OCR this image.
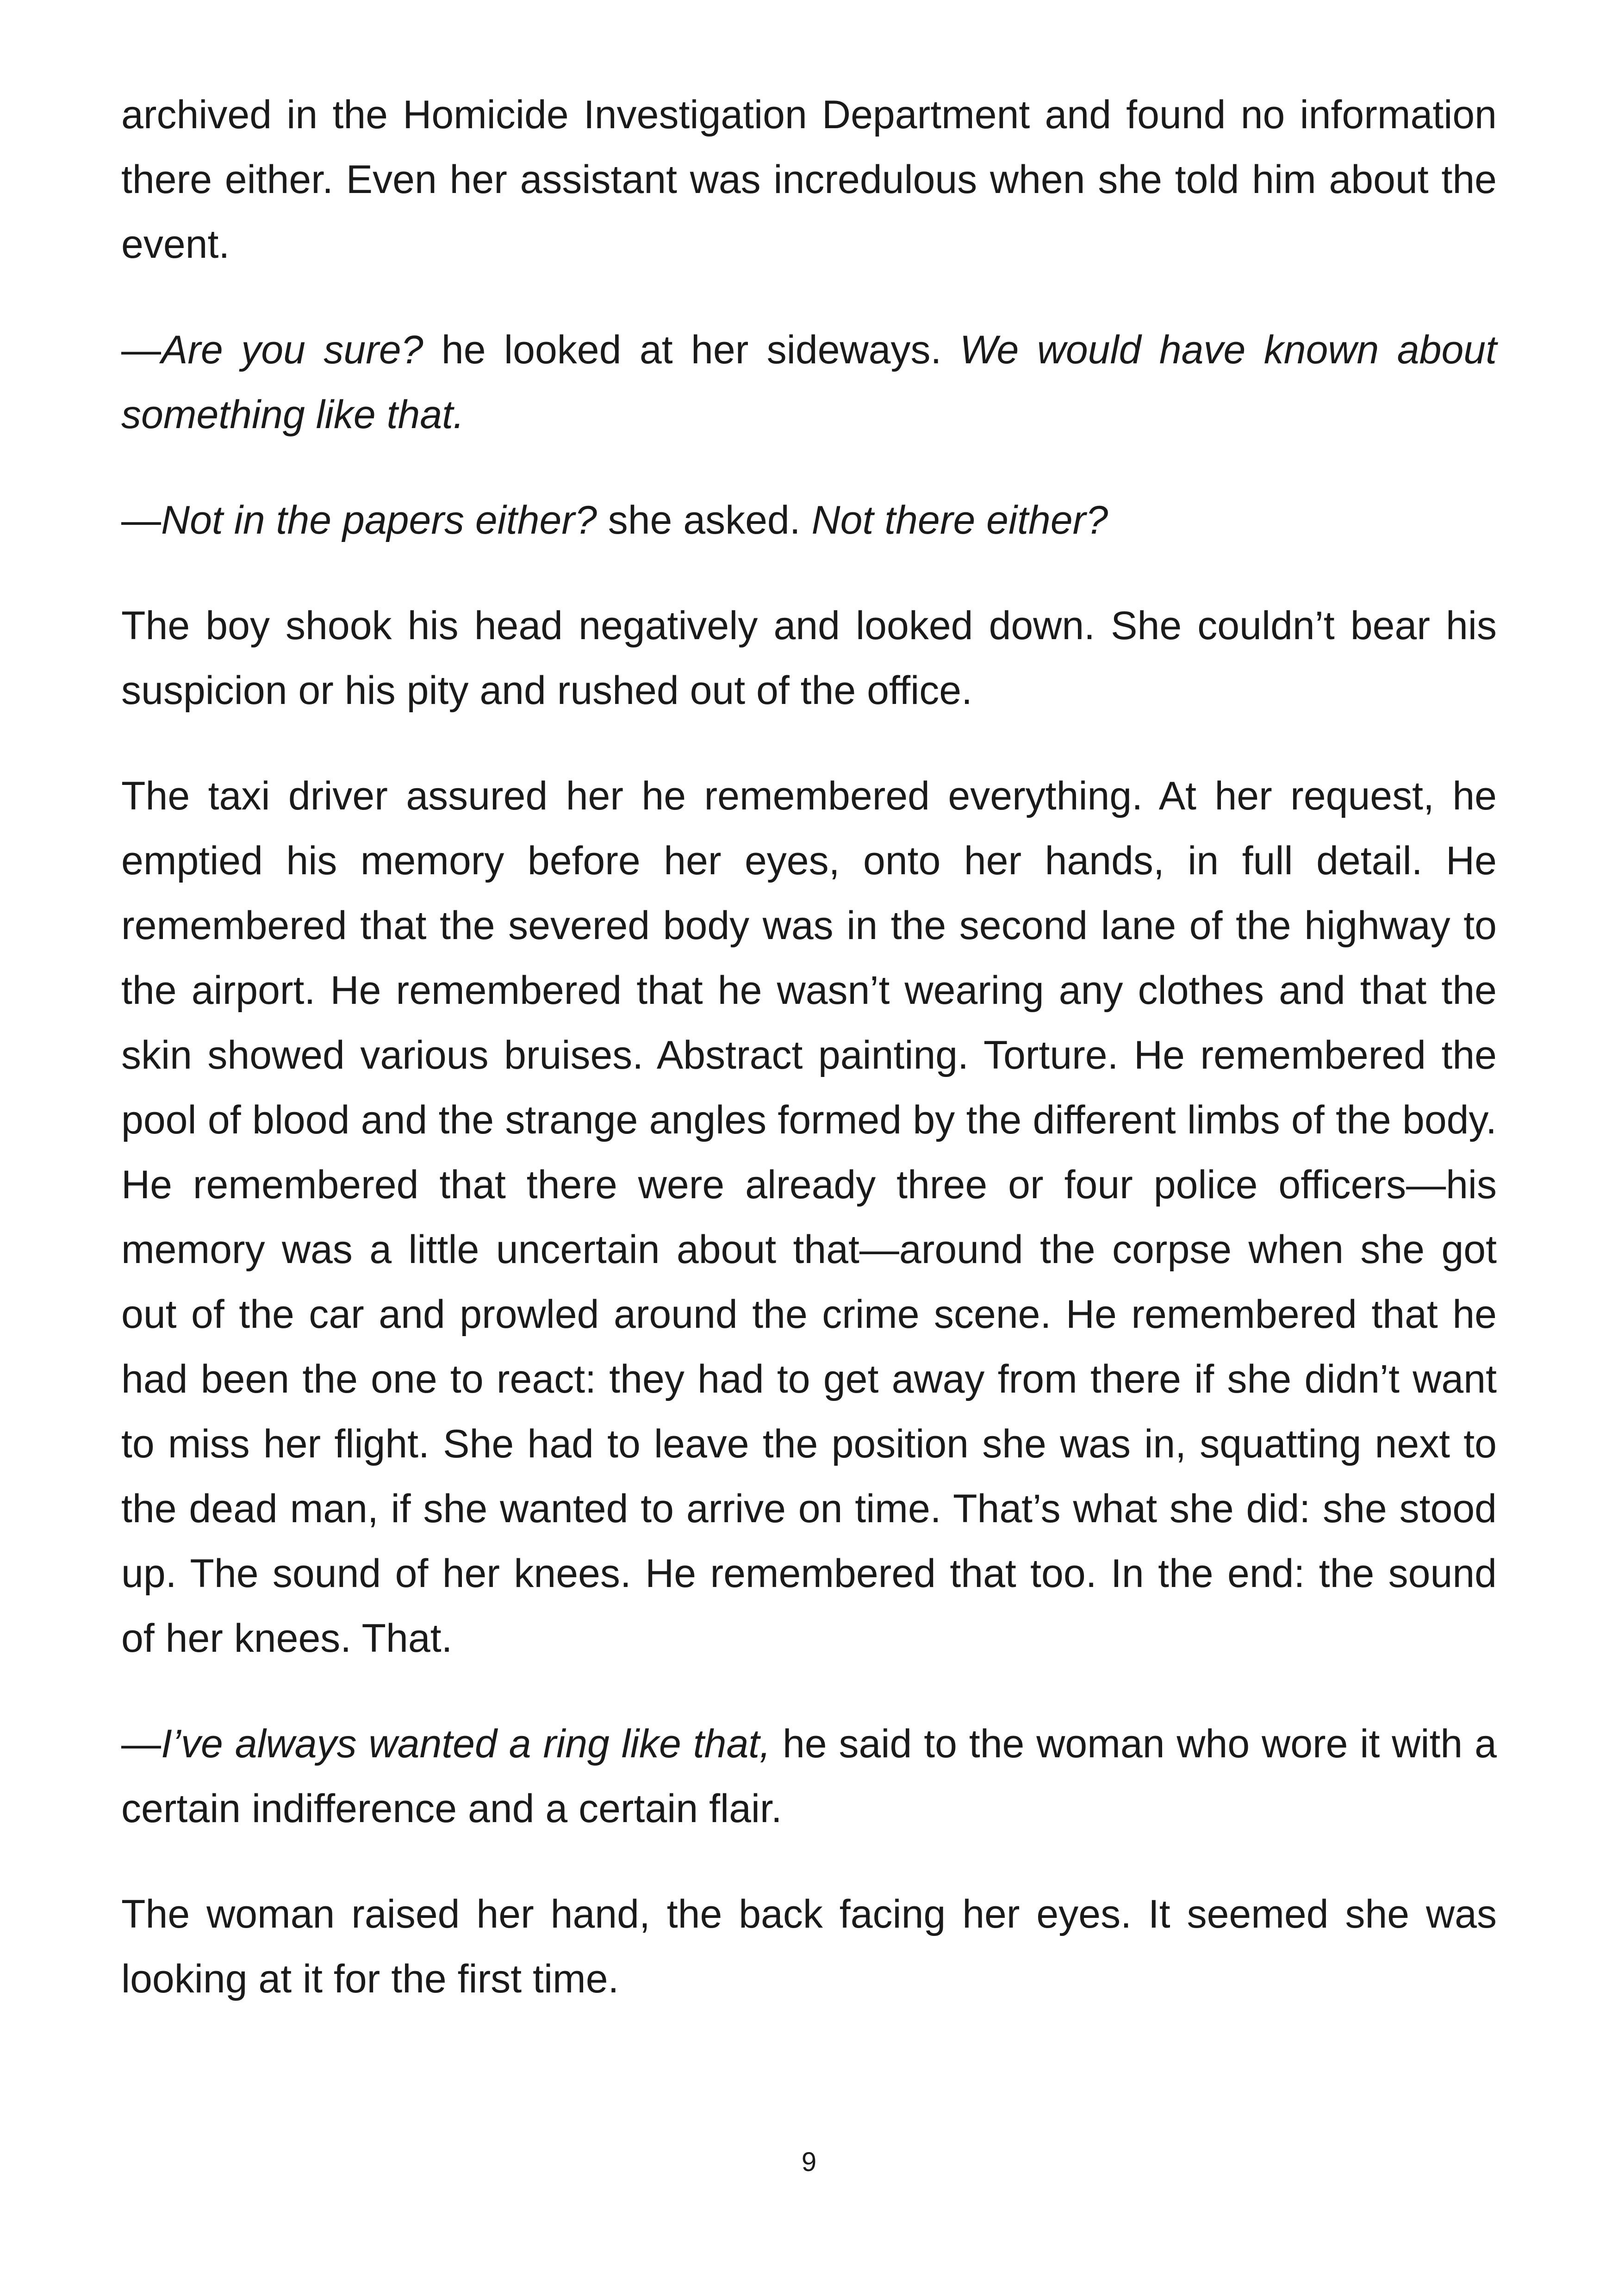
archived in the Homicide Investigation Department and found no information there either. Even her assistant was incredulous when she told him about the event.

—Are you sure? he looked at her sideways. We would have known about something like that.

—Not in the papers either? she asked. Not there either?

The boy shook his head negatively and looked down. She couldn’t bear his suspicion or his pity and rushed out of the office.

The taxi driver assured her he remembered everything. At her request, he emptied his memory before her eyes, onto her hands, in full detail. He remembered that the severed body was in the second lane of the highway to the airport. He remembered that he wasn’t wearing any clothes and that the skin showed various bruises. Abstract painting. Torture. He remembered the pool of blood and the strange angles formed by the different limbs of the body. He remembered that there were already three or four police officers—his memory was a little uncertain about that—around the corpse when she got out of the car and prowled around the crime scene. He remembered that he had been the one to react: they had to get away from there if she didn’t want to miss her flight. She had to leave the position she was in, squatting next to the dead man, if she wanted to arrive on time. That’s what she did: she stood up. The sound of her knees. He remembered that too. In the end: the sound of her knees. That.

—I’ve always wanted a ring like that, he said to the woman who wore it with a certain indifference and a certain flair.

The woman raised her hand, the back facing her eyes. It seemed she was looking at it for the first time.

9
